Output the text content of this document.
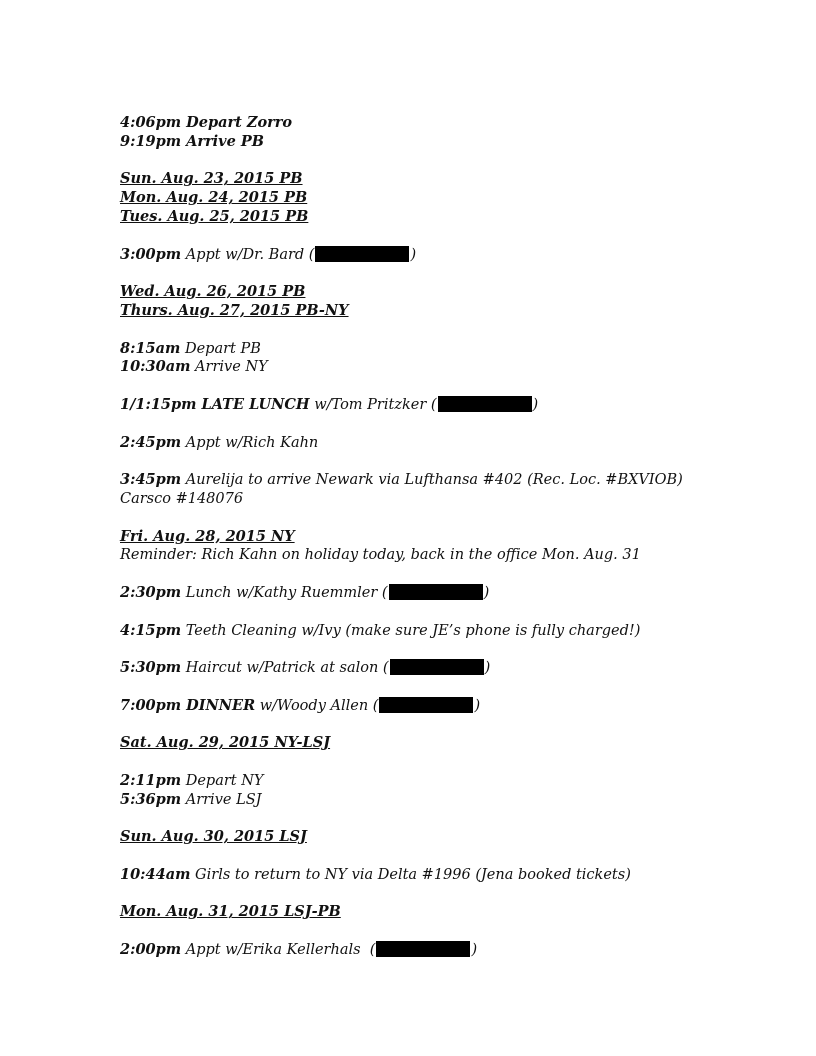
4:06pm Depart Zorro
9:19pm Arrive PB
Sun. Aug. 23, 2015 PB
Mon. Aug. 24, 2015 PB
Tues. Aug. 25, 2015 PB
3:00pm Appt w/Dr. Bard (	)
Wed. Aug. 26, 2015 PB
Thurs. Aug. 27, 2015 PB-NY
8:15am Depart PB
10:30am Arrive NY
1/1:15pm LATE LUNCH w/Tom Pritzker (	)
2:45pm Appt w/Rich Kahn
3:45pm Aurelija to arrive Newark via Lufthansa #402 (Rec. Loc. #BXVIOB) Carsco #148076
Fri. Aug. 28, 2015 NY
Reminder: Rich Kahn on holiday today, back in the office Mon. Aug. 31
2:30pm Lunch w/Kathy Ruemmler (	)
4:15pm Teeth Cleaning w/Ivy (make sure JE’s phone is fully charged!)
5:30pm Haircut w/Patrick at salon (	)
7:00pm DINNER w/Woody Allen (	)
Sat. Aug. 29, 2015 NY-LSJ
2:11pm Depart NY
5:36pm Arrive LSJ
Sun. Aug. 30, 2015 LSJ
10:44am Girls to return to NY via Delta #1996 (Jena booked tickets)
Mon. Aug. 31, 2015 LSJ-PB
2:00pm Appt w/Erika Kellerhals  (	)
